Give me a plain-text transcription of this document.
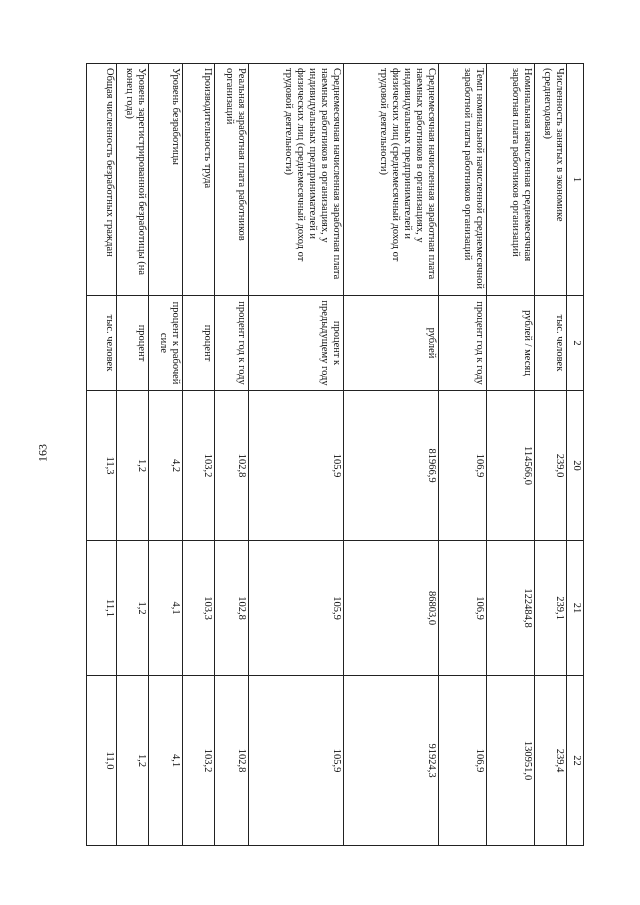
163
1	2	20	21	22
Численность занятых в экономике (среднегодовая)	тыс. человек	239,0	239,1	239,4
Номинальная начисленная среднемесячная заработная плата работников организаций	рублей / месяц	114566,0	122484,8	130951,0
Темп номинальной начисленной среднемесячной заработной платы работников организаций	процент год к году	106,9	106,9	106,9
Среднемесячная начисленная заработная плата наемных работников в организациях, у индивидуальных предпринимателей и физических лиц (среднемесячный доход от трудовой деятельности)	рублей	81966,9	86803,0	91924,3
Среднемесячная начисленная заработная плата наемных работников в организациях, у индивидуальных предпринимателей и физических лиц (среднемесячный доход от трудовой деятельности)	процент к предыдущему году	105,9	105,9	105,9
Реальная заработная плата работников организаций	процент год к году	102,8	102,8	102,8
Производительность труда	процент	103,2	103,3	103,2
Уровень безработицы	процент к рабочей силе	4,2	4,1	4,1
Уровень зарегистрированной безработицы (на конец года)	процент	1,2	1,2	1,2
Общая численность безработных граждан	тыс. человек	11,3	11,1	11,0
